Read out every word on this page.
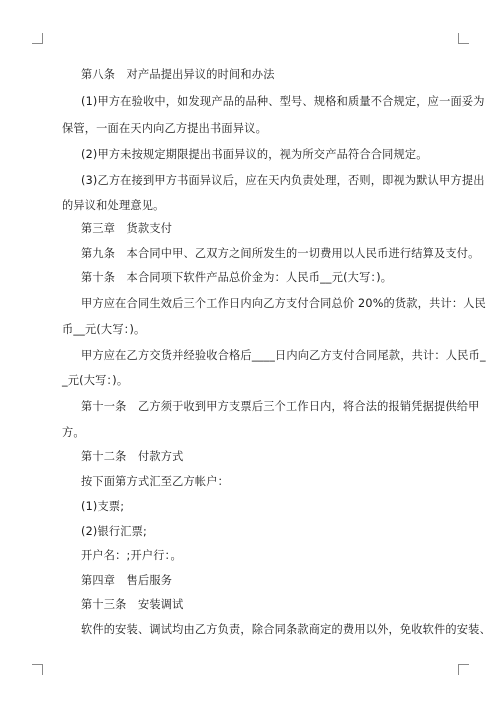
第八条　对产品提出异议的时间和办法
(1)甲方在验收中，如发现产品的品种、型号、规格和质量不合规定，应一面妥为
保管，一面在天内向乙方提出书面异议。
(2)甲方未按规定期限提出书面异议的，视为所交产品符合合同规定。
(3)乙方在接到甲方书面异议后，应在天内负责处理，否则，即视为默认甲方提出
的异议和处理意见。
第三章　货款支付
第九条　本合同中甲、乙双方之间所发生的一切费用以人民币进行结算及支付。
第十条　本合同项下软件产品总价金为：人民币__元(大写：)。
甲方应在合同生效后三个工作日内向乙方支付合同总价 20%的货款，共计：人民
币__元(大写：)。
甲方应在乙方交货并经验收合格后____日内向乙方支付合同尾款，共计：人民币_
_元(大写：)。
第十一条　乙方须于收到甲方支票后三个工作日内，将合法的报销凭据提供给甲
方。
第十二条　付款方式
按下面第方式汇至乙方帐户：
(1)支票;
(2)银行汇票;
开户名：;开户行：。
第四章　售后服务
第十三条　安装调试
软件的安装、调试均由乙方负责，除合同条款商定的费用以外，免收软件的安装、
